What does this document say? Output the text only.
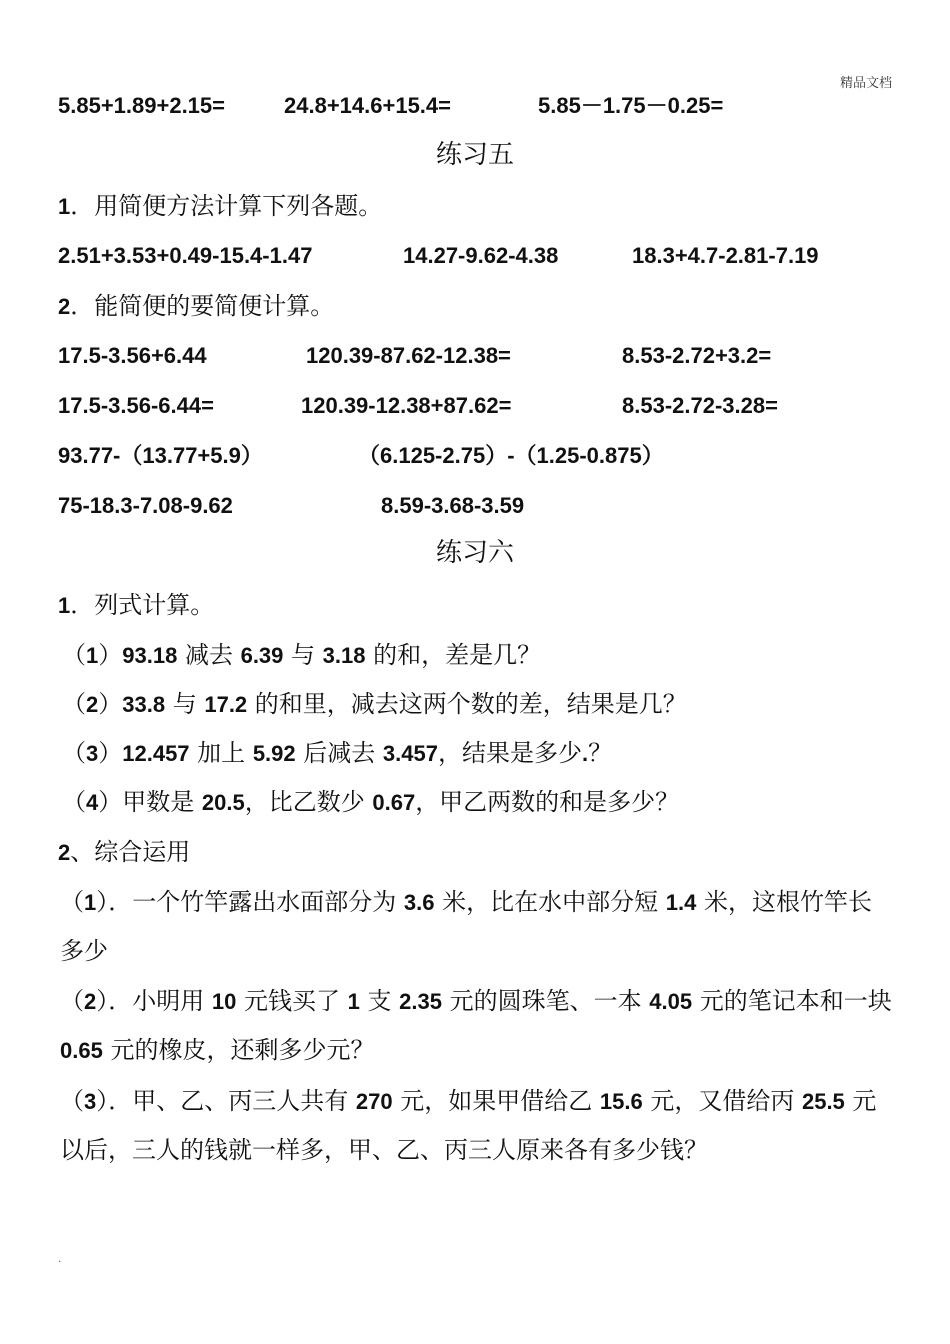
精品文档
5.85+1.89+2.15=	24.8+14.6+15.4=	5.85－1.75－0.25=
练习五
1．用简便方法计算下列各题。
2.51+3.53+0.49-15.4-1.47	14.27-9.62-4.38	18.3+4.7-2.81-7.19
2．能简便的要简便计算。
17.5-3.56+6.44	120.39-87.62-12.38=	8.53-2.72+3.2=
17.5-3.56-6.44=	120.39-12.38+87.62=	8.53-2.72-3.28=
93.77-（13.77+5.9）	（6.125-2.75）-（1.25-0.875）
75-18.3-7.08-9.62	8.59-3.68-3.59
练习六
1．列式计算。
（1）93.18 减去 6.39 与 3.18 的和，差是几？
（2）33.8 与 17.2 的和里，减去这两个数的差，结果是几？
（3）12.457 加上 5.92 后减去 3.457，结果是多少.？
（4）甲数是 20.5，比乙数少 0.67，甲乙两数的和是多少？
2、综合运用
（1）．一个竹竿露出水面部分为 3.6 米，比在水中部分短 1.4 米，这根竹竿长多少
（2）．小明用 10 元钱买了 1 支 2.35 元的圆珠笔、一本 4.05 元的笔记本和一块 0.65 元的橡皮，还剩多少元？
（3）．甲、乙、丙三人共有 270 元，如果甲借给乙 15.6 元，又借给丙 25.5 元以后，三人的钱就一样多，甲、乙、丙三人原来各有多少钱？
.
